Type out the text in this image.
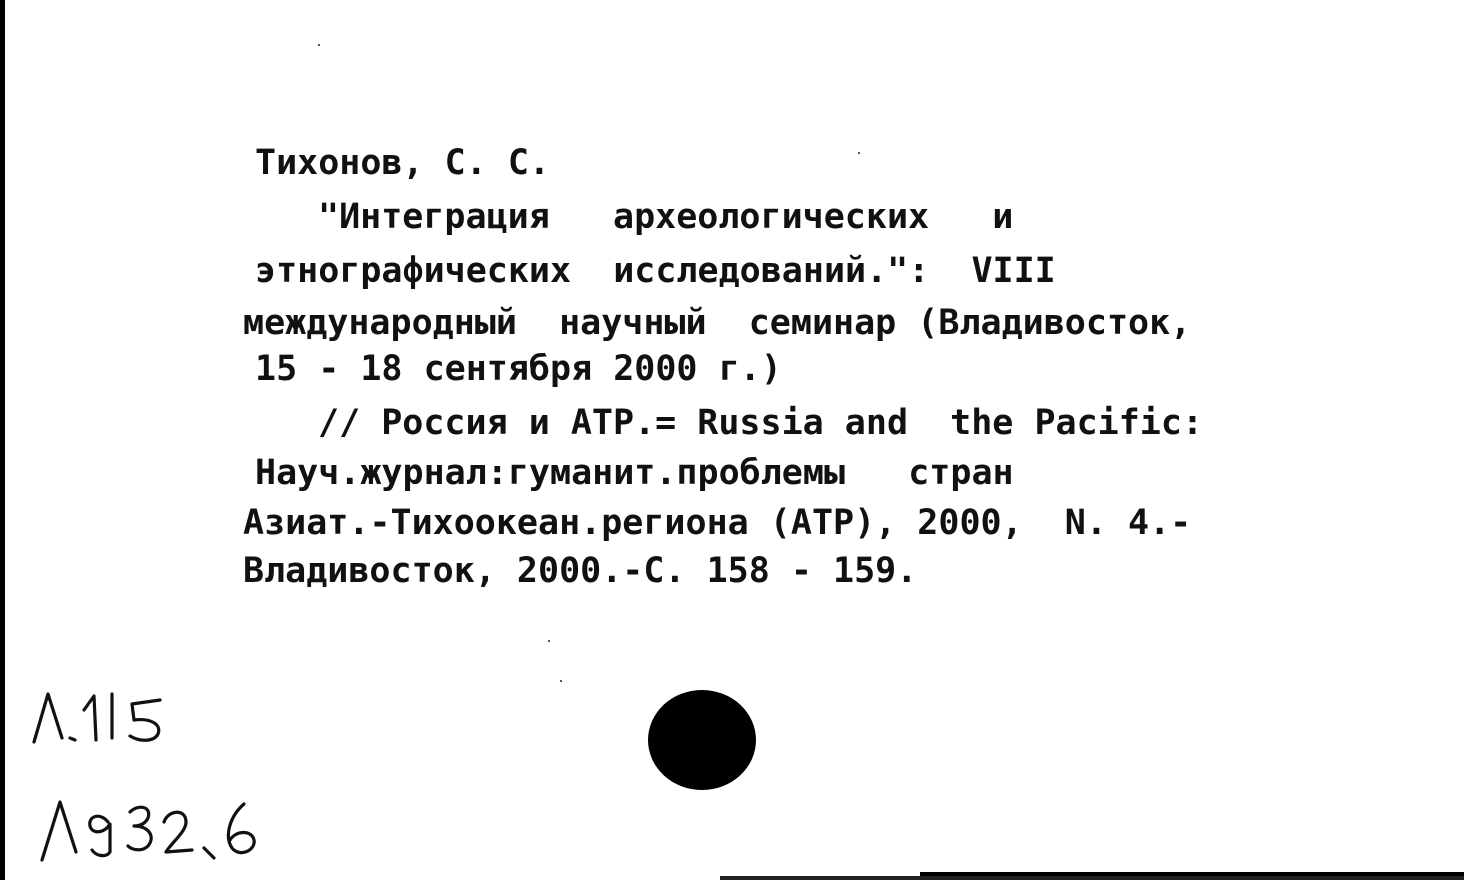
Тихонов, С. С.
"Интеграция   археологических   и
этнографических  исследований.":  VIII
международный  научный  семинар (Владивосток,
15 - 18 сентября 2000 г.)
// Россия и АТР.= Russia and  the Pacific:
Науч.журнал:гуманит.проблемы   стран
Азиат.-Тихоокеан.региона (АТР), 2000,  N. 4.-
Владивосток, 2000.-С. 158 - 159.
